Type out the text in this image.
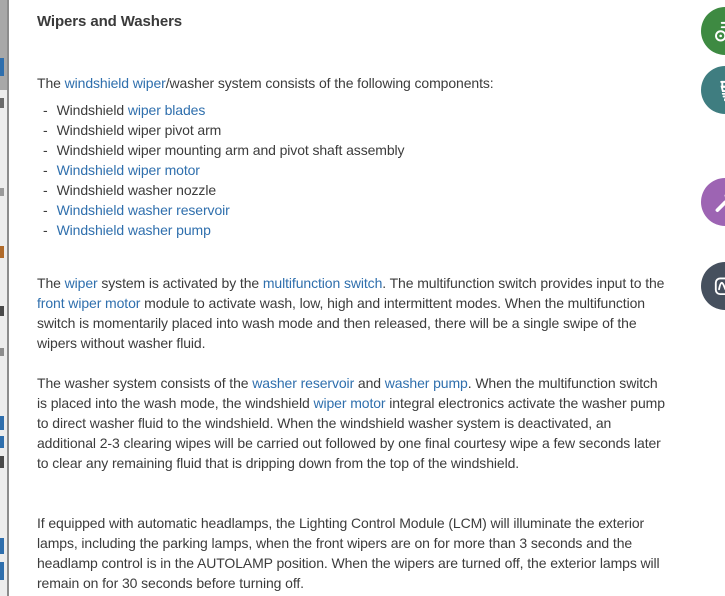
Wipers and Washers

The windshield wiper/washer system consists of the following components:

- Windshield wiper blades
- Windshield wiper pivot arm
- Windshield wiper mounting arm and pivot shaft assembly
- Windshield wiper motor
- Windshield washer nozzle
- Windshield washer reservoir
- Windshield washer pump

The wiper system is activated by the multifunction switch. The multifunction switch provides input to the front wiper motor module to activate wash, low, high and intermittent modes. When the multifunction switch is momentarily placed into wash mode and then released, there will be a single swipe of the wipers without washer fluid.

The washer system consists of the washer reservoir and washer pump. When the multifunction switch is placed into the wash mode, the windshield wiper motor integral electronics activate the washer pump to direct washer fluid to the windshield. When the windshield washer system is deactivated, an additional 2-3 clearing wipes will be carried out followed by one final courtesy wipe a few seconds later to clear any remaining fluid that is dripping down from the top of the windshield.

If equipped with automatic headlamps, the Lighting Control Module (LCM) will illuminate the exterior lamps, including the parking lamps, when the front wipers are on for more than 3 seconds and the headlamp control is in the AUTOLAMP position. When the wipers are turned off, the exterior lamps will remain on for 30 seconds before turning off.
